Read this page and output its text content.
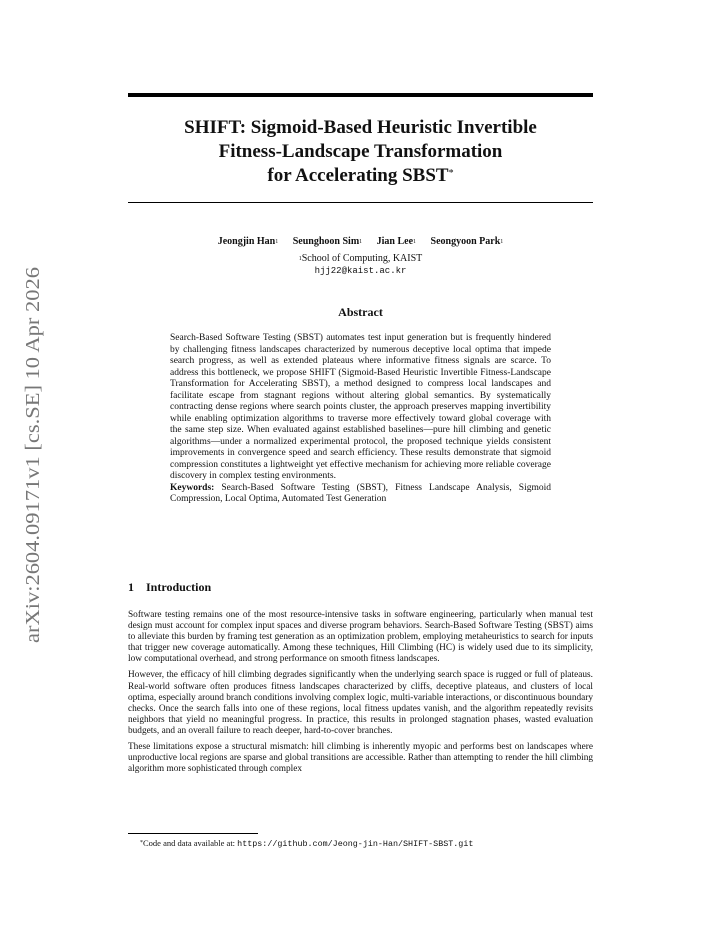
arXiv:2604.09171v1 [cs.SE] 10 Apr 2026
SHIFT: Sigmoid-Based Heuristic Invertible
Fitness-Landscape Transformation
for Accelerating SBST*
Jeongjin Han$^1$ Seunghoon Sim$^1$ Jian Lee$^1$ Seongyoon Park$^1$
$^1$School of Computing, KAIST
hjj22@kaist.ac.kr
Abstract
Search-Based Software Testing (SBST) automates test input generation but is frequently hindered by challenging fitness landscapes characterized by numerous deceptive local optima that impede search progress, as well as extended plateaus where informative fitness signals are scarce. To address this bottleneck, we propose SHIFT (Sigmoid-Based Heuristic Invertible Fitness-Landscape Transformation for Accelerating SBST), a method designed to compress local landscapes and facilitate escape from stagnant regions without altering global semantics. By systematically contracting dense regions where search points cluster, the approach preserves mapping invertibility while enabling optimization algorithms to traverse more effectively toward global coverage with the same step size. When evaluated against established baselines—pure hill climbing and genetic algorithms—under a normalized experimental protocol, the proposed technique yields consistent improvements in convergence speed and search efficiency. These results demonstrate that sigmoid compression constitutes a lightweight yet effective mechanism for achieving more reliable coverage discovery in complex testing environments.
Keywords: Search-Based Software Testing (SBST), Fitness Landscape Analysis, Sigmoid Compression, Local Optima, Automated Test Generation
1 Introduction

Software testing remains one of the most resource-intensive tasks in software engineering, particularly when manual test design must account for complex input spaces and diverse program behaviors. Search-Based Software Testing (SBST) aims to alleviate this burden by framing test generation as an optimization problem, employing metaheuristics to search for inputs that trigger new coverage automatically. Among these techniques, Hill Climbing (HC) is widely used due to its simplicity, low computational overhead, and strong performance on smooth fitness landscapes.

However, the efficacy of hill climbing degrades significantly when the underlying search space is rugged or full of plateaus. Real-world software often produces fitness landscapes characterized by cliffs, deceptive plateaus, and clusters of local optima, especially around branch conditions involving complex logic, multi-variable interactions, or discontinuous boundary checks. Once the search falls into one of these regions, local fitness updates vanish, and the algorithm repeatedly revisits neighbors that yield no meaningful progress. In practice, this results in prolonged stagnation phases, wasted evaluation budgets, and an overall failure to reach deeper, hard-to-cover branches.

These limitations expose a structural mismatch: hill climbing is inherently myopic and performs best on landscapes where unproductive local regions are sparse and global transitions are accessible. Rather than attempting to render the hill climbing algorithm more sophisticated through complex

*Code and data available at: https://github.com/Jeong-jin-Han/SHIFT-SBST.git
